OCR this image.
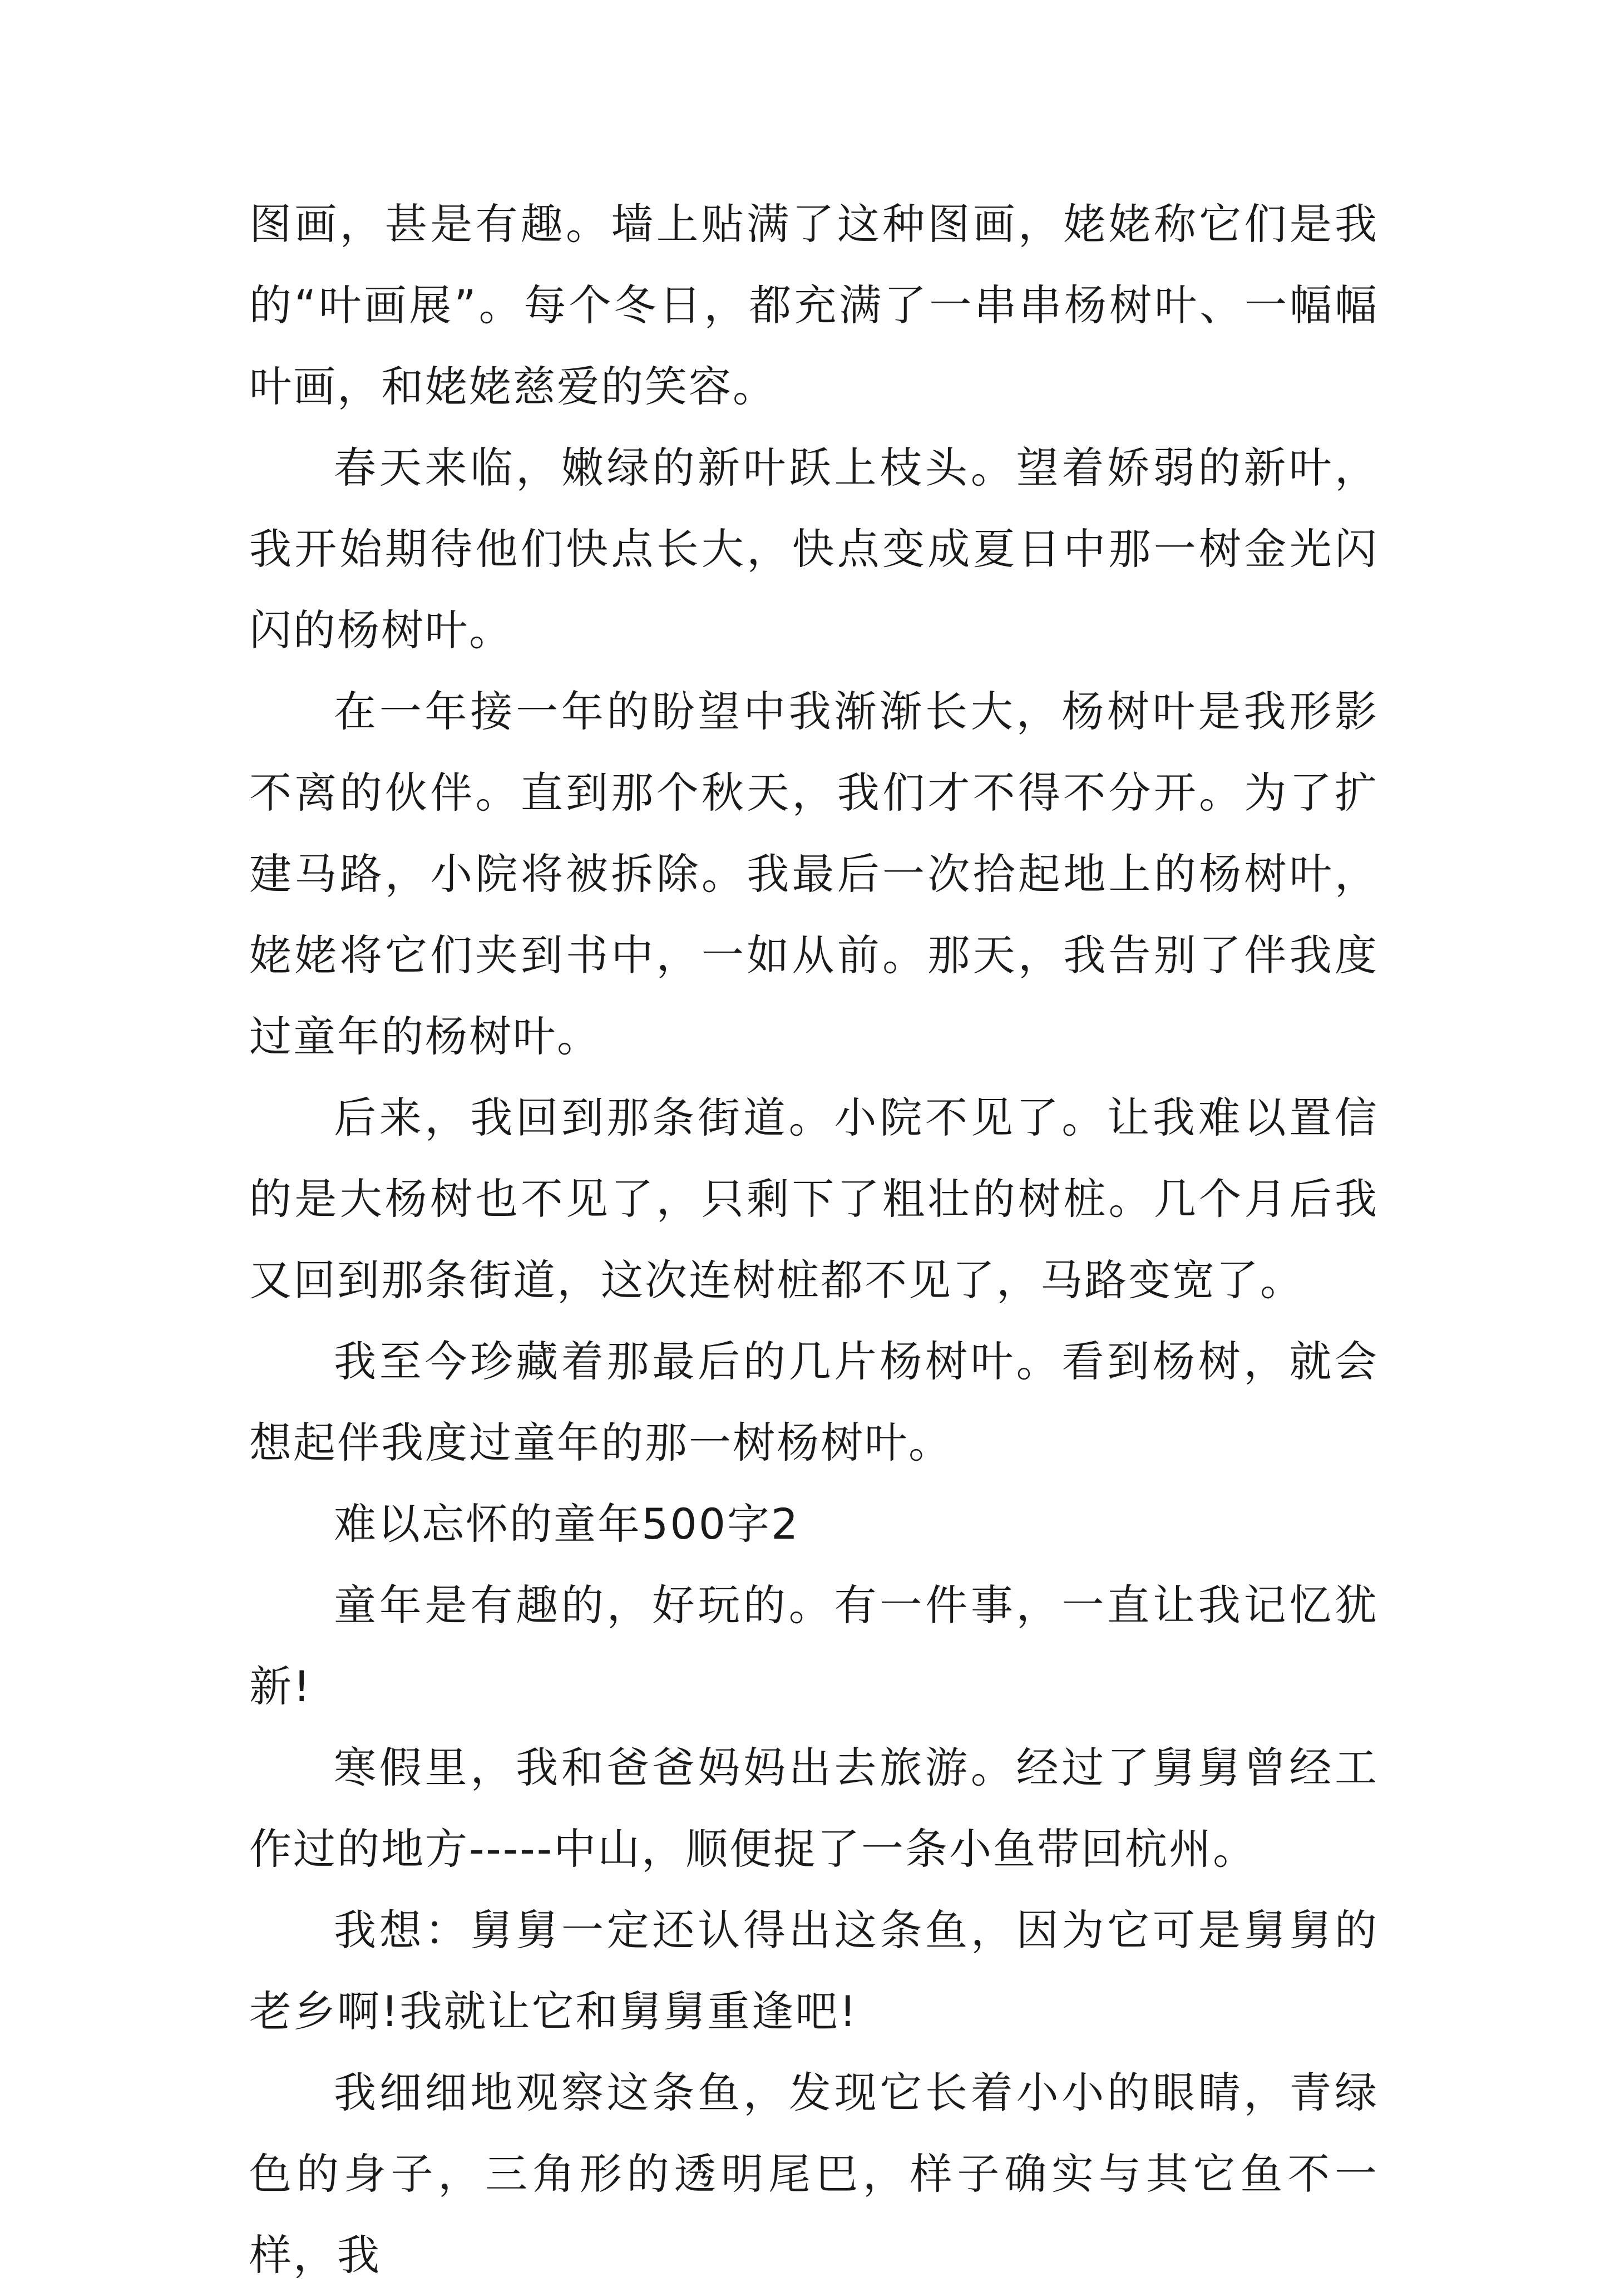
图画，甚是有趣。墙上贴满了这种图画，姥姥称它们是我的“叶画展”。每个冬日，都充满了一串串杨树叶、一幅幅叶画，和姥姥慈爱的笑容。

春天来临，嫩绿的新叶跃上枝头。望着娇弱的新叶，我开始期待他们快点长大，快点变成夏日中那一树金光闪闪的杨树叶。

在一年接一年的盼望中我渐渐长大，杨树叶是我形影不离的伙伴。直到那个秋天，我们才不得不分开。为了扩建马路，小院将被拆除。我最后一次拾起地上的杨树叶，姥姥将它们夹到书中，一如从前。那天，我告别了伴我度过童年的杨树叶。

后来，我回到那条街道。小院不见了。让我难以置信的是大杨树也不见了，只剩下了粗壮的树桩。几个月后我又回到那条街道，这次连树桩都不见了，马路变宽了。

我至今珍藏着那最后的几片杨树叶。看到杨树，就会想起伴我度过童年的那一树杨树叶。

难以忘怀的童年500字2

童年是有趣的，好玩的。有一件事，一直让我记忆犹新!

寒假里，我和爸爸妈妈出去旅游。经过了舅舅曾经工作过的地方-----中山，顺便捉了一条小鱼带回杭州。

我想：舅舅一定还认得出这条鱼，因为它可是舅舅的老乡啊!我就让它和舅舅重逢吧!

我细细地观察这条鱼，发现它长着小小的眼睛，青绿色的身子，三角形的透明尾巴，样子确实与其它鱼不一样，我
